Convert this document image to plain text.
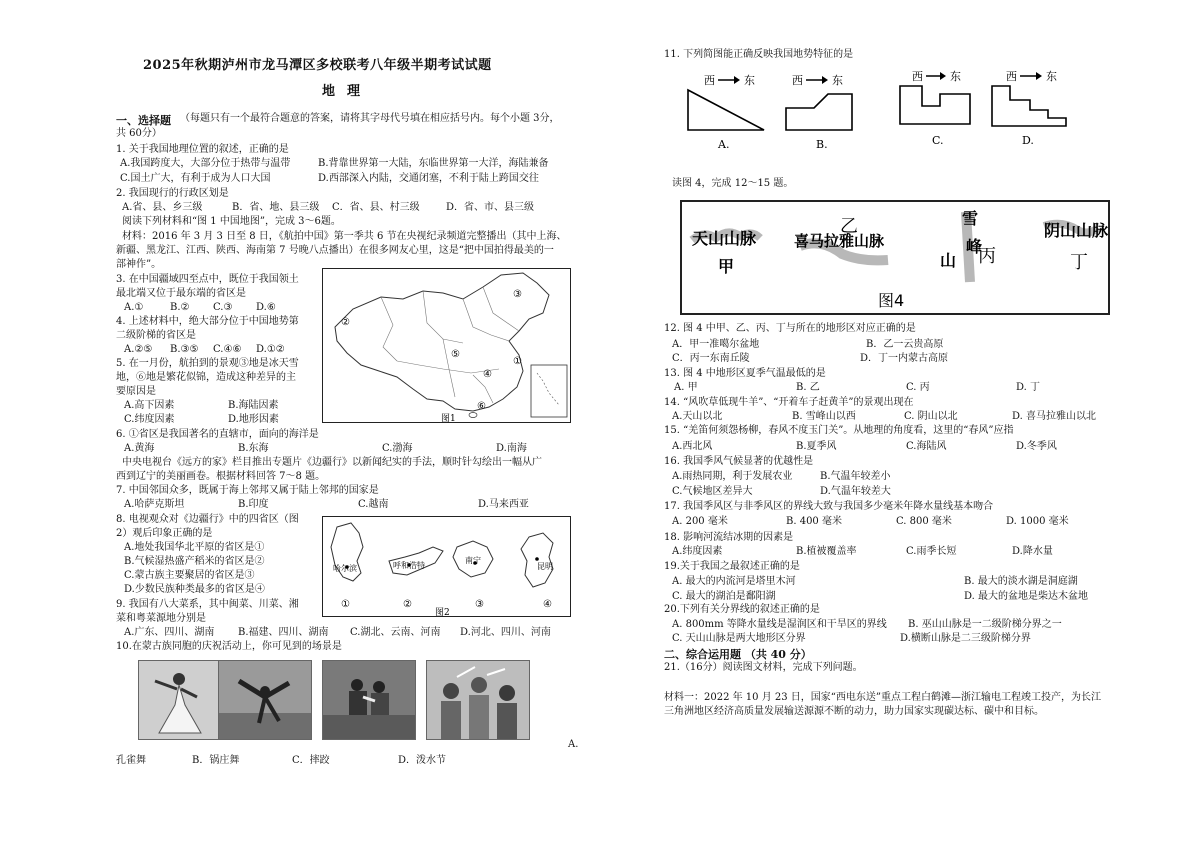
2025年秋期泸州市龙马潭区多校联考八年级半期考试试题
地理
一、选择题 （每题只有一个最符合题意的答案，请将其字母代号填在相应括号内。每个小题 3分，
共 60分）
1. 关于我国地理位置的叙述，正确的是
A.我国跨度大，大部分位于热带与温带	B.背靠世界第一大陆，东临世界第一大洋，海陆兼备
C.国土广大，有利于成为人口大国	D.西部深入内陆，交通闭塞，不利于陆上跨国交往
2. 我国现行的行政区划是
A.省、县、乡三级	B．省、地、县三级 C．省、县、村三级	D．省、市、县三级
阅读下列材料和“图 1 中国地图”，完成 3～6题。
材料：2016 年 3 月 3 日至 8 日，《航拍中国》第一季共 6 节在央视纪录频道完整播出（其中上海、
新疆、黑龙江、江西、陕西、海南第 7 号晚八点播出）在很多网友心里，这是“把中国拍得最美的一
部神作”。
3. 在中国疆域四至点中，既位于我国领土
最北端又位于最东端的省区是
A.①	B.② C.③ D.⑥
4. 上述材料中，绝大部分位于中国地势第
二级阶梯的省区是
A.②⑤ B.③⑤ C.④⑥ D.①②
5. 在一月份，航拍到的景观③地是冰天雪
地，⑥地是繁花似锦，造成这种差异的主
要原因是
A.高下因素	B.海陆因素
C.纬度因素	D.地形因素
③
②
⑤
①
④
⑥
图1
6. ①省区是我国著名的直辖市，面向的海洋是
A.黄海	B.东海	C.渤海	D.南海
中央电视台《远方的家》栏目推出专题片《边疆行》以新闻纪实的手法，顺时针勾绘出一幅从广
西到辽宁的美丽画卷。根据材料回答 7～8 题。
7. 中国邻国众多，既属于海上邻邦又属于陆上邻邦的国家是
A.哈萨克斯坦	B.印度	C.越南	D.马来西亚
8. 电视观众对《边疆行》中的四省区（图
2）观后印象正确的是
A.地处我国华北平原的省区是①
B.气候湿热盛产稻米的省区是②
C.蒙古族主要聚居的省区是③
D.少数民族种类最多的省区是④
哈尔滨	呼和浩特
南宁
昆明
①	②	③	④
图2
9. 我国有八大菜系，其中闽菜、川菜、湘
菜和粤菜源地分别是
A.广东、四川、湖南 B.福建、四川、湖南 C.湖北、云南、河南 D.河北、四川、河南
10.在蒙古族同胞的庆祝活动上，你可见到的场景是
A.
孔雀舞	B．锅庄舞	C．摔跤	D．泼水节
11. 下列简图能正确反映我国地势特征的是
西	东	西	东	西 东	西	东
A.	B.	C.	D.
读图 4，完成 12～15 题。
天山山脉
甲
乙
喜马拉雅山脉
雪
峰
山 丙
阴山山脉
丁
图4
12. 图 4 中甲、乙、丙、丁与所在的地形区对应正确的是
A．甲一准噶尔盆地	B．乙一云贵高原
C．丙一东南丘陵	D．丁一内蒙古高原
13. 图 4 中地形区夏季气温最低的是
A. 甲	B. 乙	C. 丙	D. 丁
14. “风吹草低现牛羊”、“开着车子赶黄羊”的景观出现在
A.天山以北	B. 雪峰山以西	C. 阴山以北	D. 喜马拉雅山以北
15. “羌笛何须怨杨柳，春风不度玉门关”。从地理的角度看，这里的“春风”应指
A.西北风	B.夏季风	C.海陆风	D.冬季风
16. 我国季风气候显著的优越性是
A.雨热同期，利于发展农业	B.气温年较差小
C.气候地区差异大	D.气温年较差大
17. 我国季风区与非季风区的界线大致与我国多少毫米年降水量线基本吻合
A. 200 毫米	B. 400 毫米	C. 800 毫米	D. 1000 毫米
18. 影响河流结冰期的因素是
A.纬度因素	B.植被覆盖率	C.雨季长短	D.降水量
19.关于我国之最叙述正确的是
A. 最大的内流河是塔里木河	B. 最大的淡水湖是洞庭湖
C. 最大的湖泊是鄱阳湖	D. 最大的盆地是柴达木盆地
20.下列有关分界线的叙述正确的是
A. 800mm 等降水量线是湿润区和干旱区的界线 B. 巫山山脉是一二级阶梯分界之一
C. 天山山脉是两大地形区分界	D.横断山脉是二三级阶梯分界
二、综合运用题 （共 40 分）
21.（16分）阅读图文材料，完成下列问题。
材料一：2022 年 10 月 23 日，国家“西电东送”重点工程白鹤滩—浙江输电工程竣工投产，为长江
三角洲地区经济高质量发展输送源源不断的动力，助力国家实现碳达标、碳中和目标。
